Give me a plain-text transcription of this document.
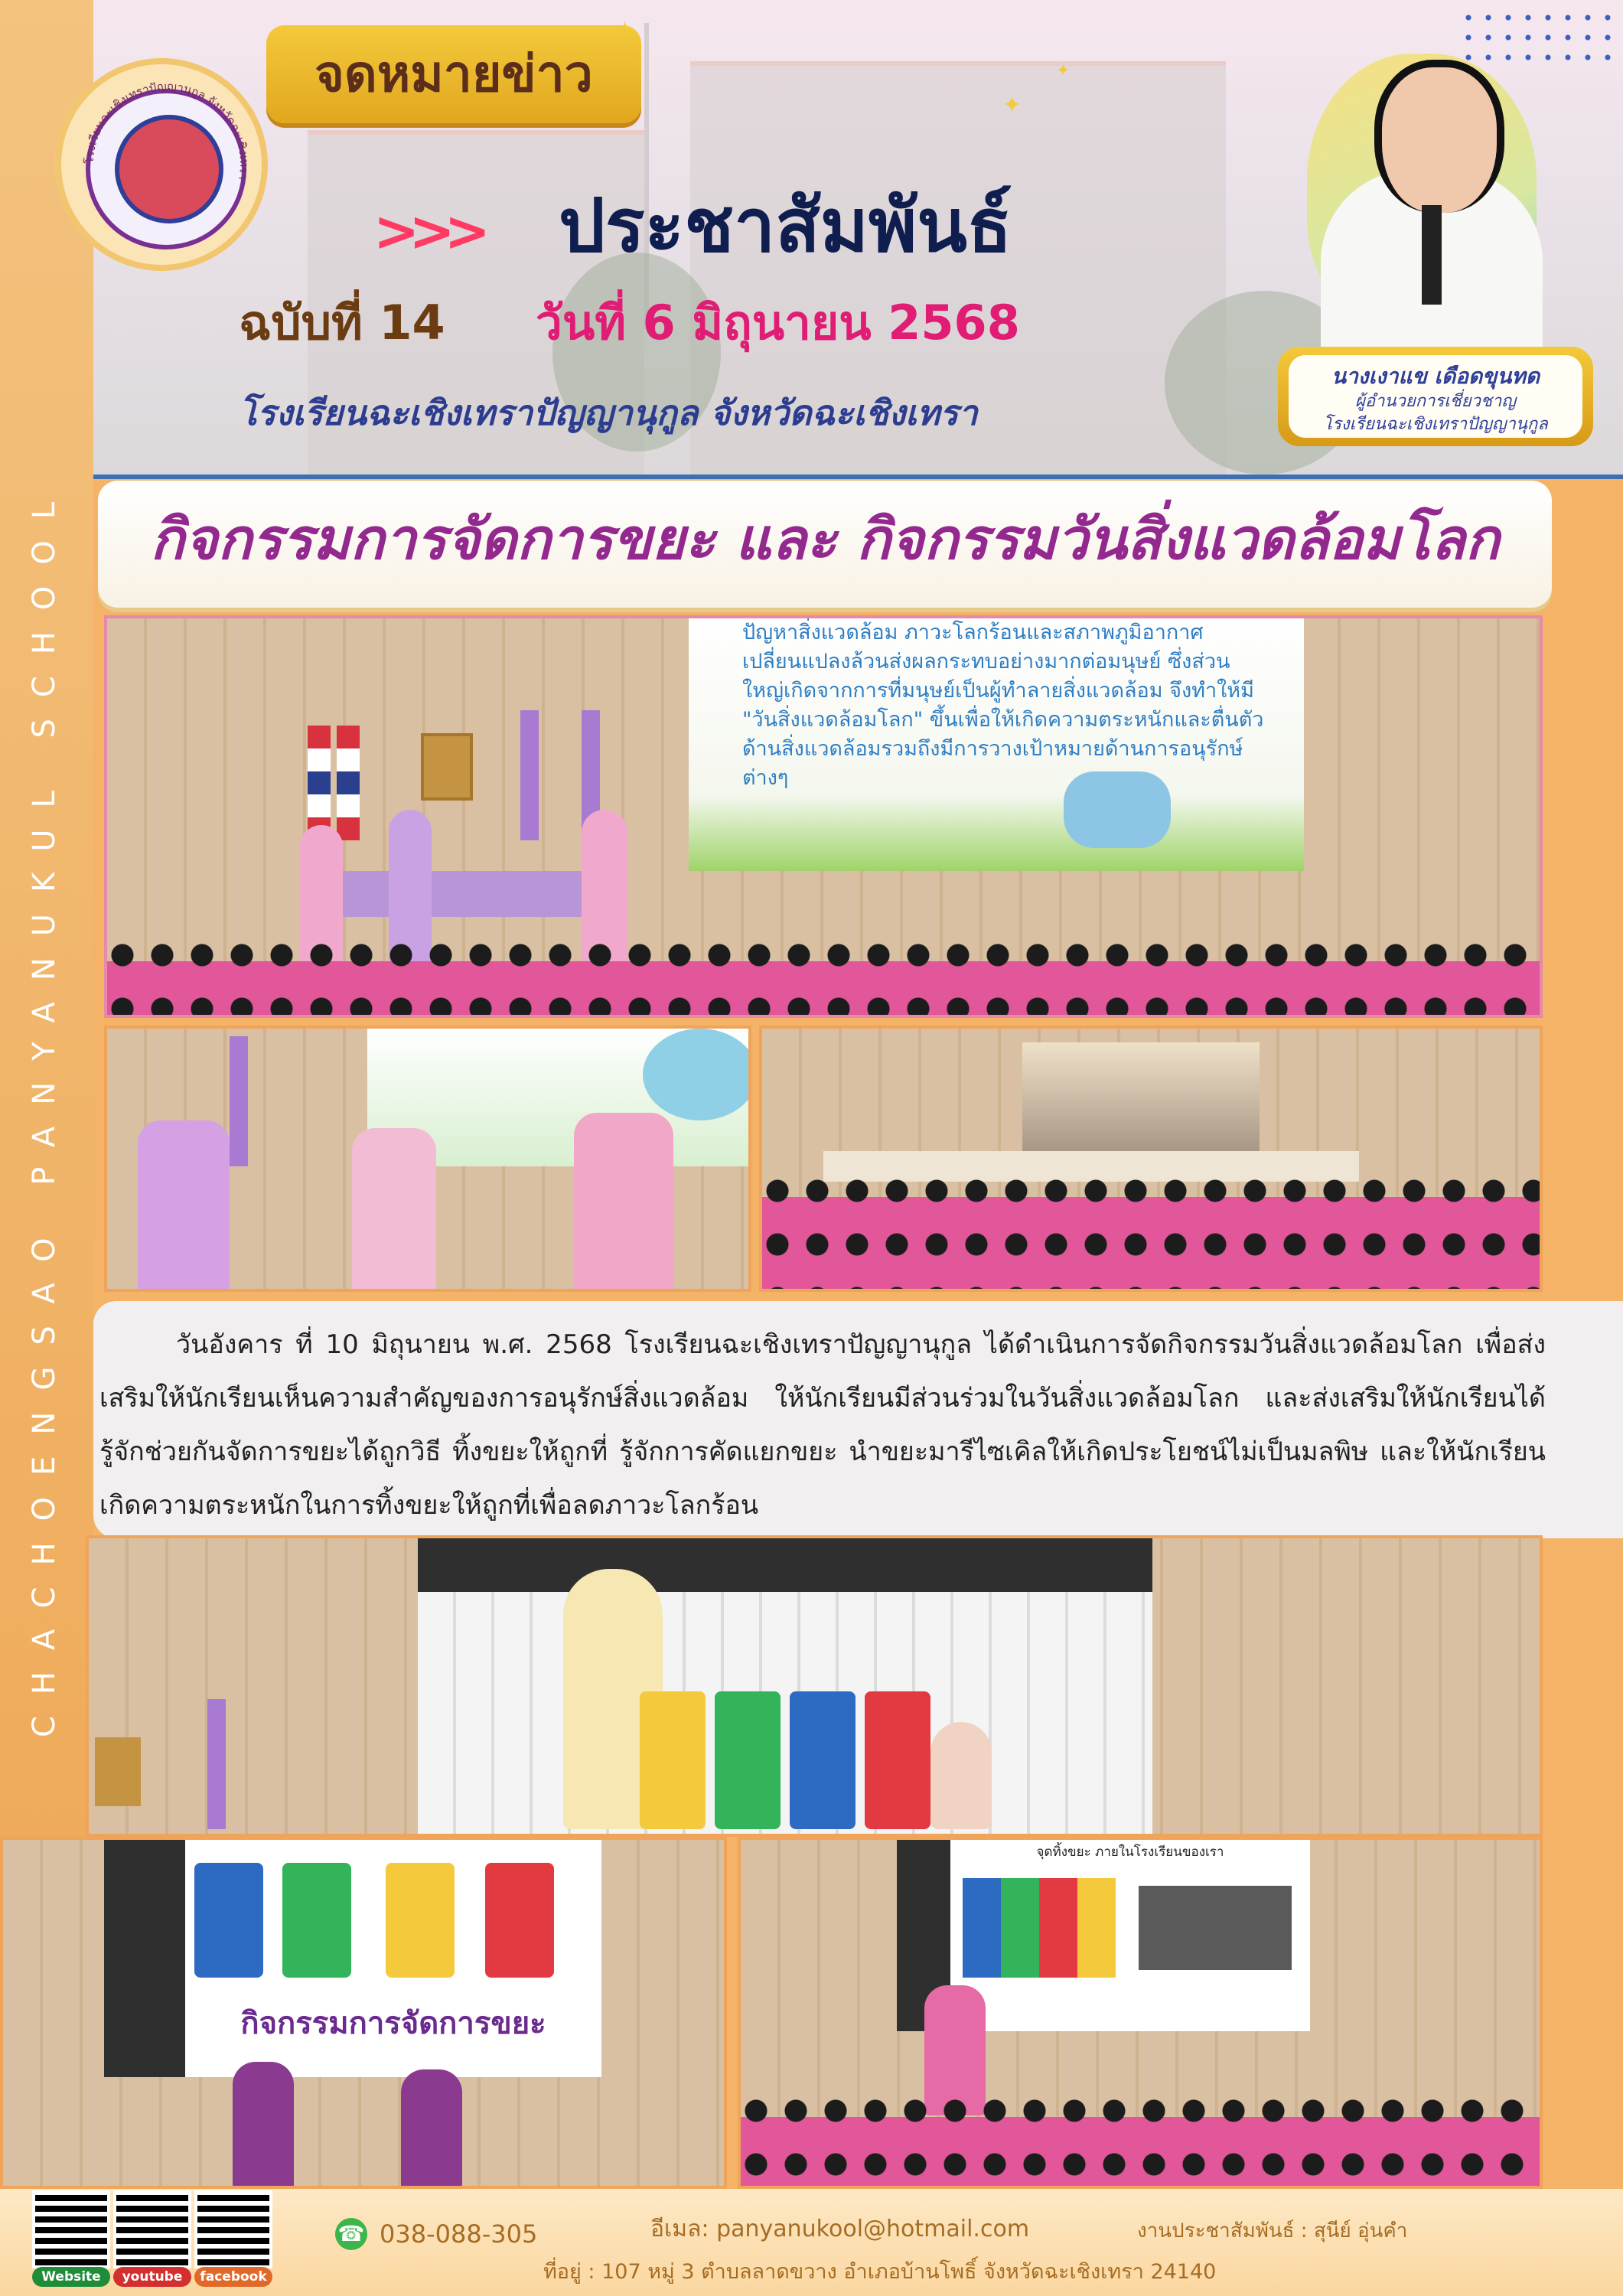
CHACHOENGSAO PANYANUKUL SCHOOL
✦
✦
โรงเรียนฉะเชิงเทราปัญญานุกูล จังหวัดฉะเชิงเทรา
จดหมายข่าว
>>>	ประชาสัมพันธ์
ฉบับที่ 14	วันที่ 6 มิถุนายน 2568
โรงเรียนฉะเชิงเทราปัญญานุกูล จังหวัดฉะเชิงเทรา
นางเงาแข เดือดขุนทด
ผู้อำนวยการเชี่ยวชาญ
โรงเรียนฉะเชิงเทราปัญญานุกูล
กิจกรรมการจัดการขยะ และ กิจกรรมวันสิ่งแวดล้อมโลก
ปัญหาสิ่งแวดล้อม ภาวะโลกร้อนและสภาพภูมิอากาศ
เปลี่ยนแปลงล้วนส่งผลกระทบอย่างมากต่อมนุษย์ ซึ่งส่วน
ใหญ่เกิดจากการที่มนุษย์เป็นผู้ทำลายสิ่งแวดล้อม จึงทำให้มี
"วันสิ่งแวดล้อมโลก" ขึ้นเพื่อให้เกิดความตระหนักและตื่นตัว
ด้านสิ่งแวดล้อมรวมถึงมีการวางเป้าหมายด้านการอนุรักษ์
ต่างๆ
วันอังคาร ที่ 10 มิถุนายน พ.ศ. 2568 โรงเรียนฉะเชิงเทราปัญญานุกูล ได้ดำเนินการจัดกิจกรรมวันสิ่งแวดล้อมโลก เพื่อส่งเสริมให้นักเรียนเห็นความสำคัญของการอนุรักษ์สิ่งแวดล้อม ให้นักเรียนมีส่วนร่วมในวันสิ่งแวดล้อมโลก และส่งเสริมให้นักเรียนได้รู้จักช่วยกันจัดการขยะได้ถูกวิธี ทิ้งขยะให้ถูกที่ รู้จักการคัดแยกขยะ นำขยะมารีไซเคิลให้เกิดประโยชน์ไม่เป็นมลพิษ และให้นักเรียนเกิดความตระหนักในการทิ้งขยะให้ถูกที่เพื่อลดภาวะโลกร้อน
กิจกรรมการจัดการขยะ
จุดทิ้งขยะ ภายในโรงเรียนของเรา
Website	youtube	facebook
☎ 038-088-305	อีเมล: panyanukool@hotmail.com	งานประชาสัมพันธ์ : สุนีย์ อุ่นคำ
ที่อยู่ : 107 หมู่ 3 ตำบลลาดขวาง อำเภอบ้านโพธิ์ จังหวัดฉะเชิงเทรา 24140
